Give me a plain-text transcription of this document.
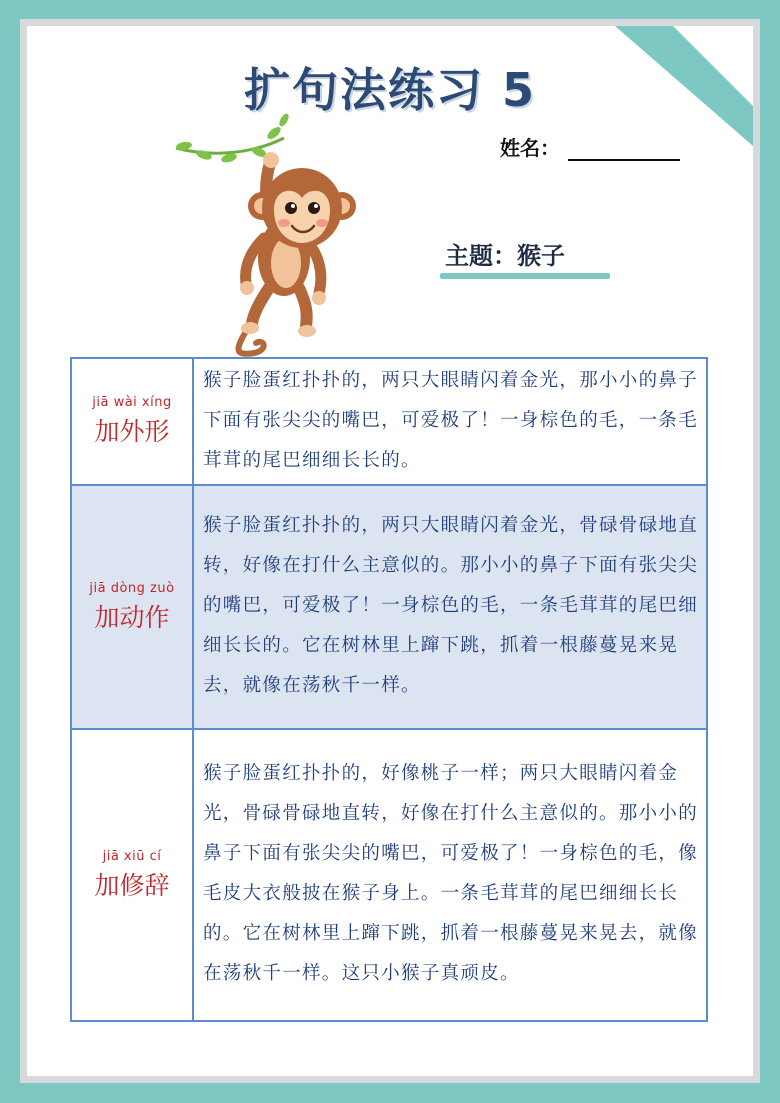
扩句法练习 5
姓名：
主题：猴子
jiā wài xíng
加外形	猴子脸蛋红扑扑的，两只大眼睛闪着金光，那小小的鼻子下面有张尖尖的嘴巴，可爱极了！一身棕色的毛，一条毛茸茸的尾巴细细长长的。

jiā dòng zuò
加动作	猴子脸蛋红扑扑的，两只大眼睛闪着金光，骨碌骨碌地直转，好像在打什么主意似的。那小小的鼻子下面有张尖尖的嘴巴，可爱极了！一身棕色的毛，一条毛茸茸的尾巴细细长长的。它在树林里上蹿下跳，抓着一根藤蔓晃来晃去，就像在荡秋千一样。

jiā xiū cí
加修辞	猴子脸蛋红扑扑的，好像桃子一样；两只大眼睛闪着金光，骨碌骨碌地直转，好像在打什么主意似的。那小小的鼻子下面有张尖尖的嘴巴，可爱极了！一身棕色的毛，像毛皮大衣般披在猴子身上。一条毛茸茸的尾巴细细长长的。它在树林里上蹿下跳，抓着一根藤蔓晃来晃去，就像在荡秋千一样。这只小猴子真顽皮。
